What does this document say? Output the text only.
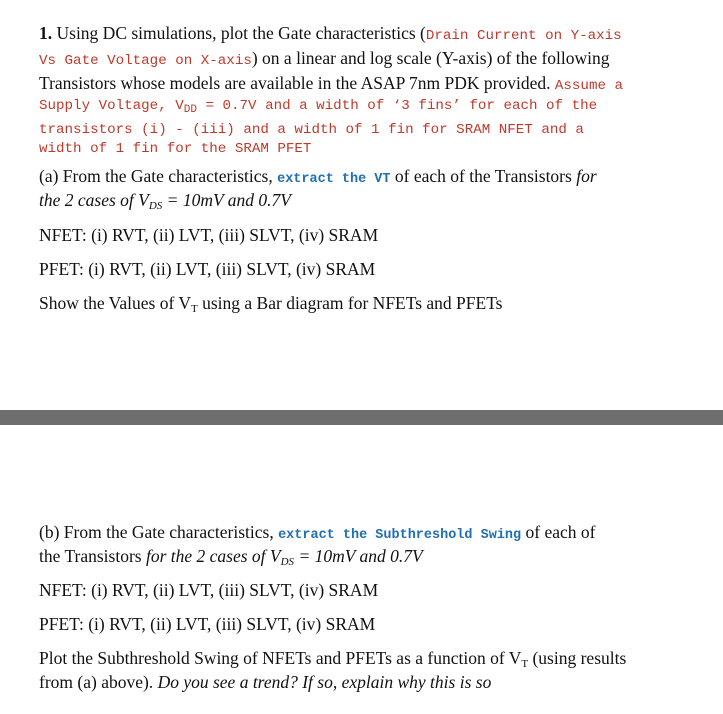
1. Using DC simulations, plot the Gate characteristics (Drain Current on Y-axis
Vs Gate Voltage on X-axis) on a linear and log scale (Y-axis) of the following
Transistors whose models are available in the ASAP 7nm PDK provided. Assume a
Supply Voltage, $V_{DD} = 0.7V$ and a width of ‘3 fins’ for each of the
transistors (i) - (iii) and a width of 1 fin for SRAM NFET and a
width of 1 fin for the SRAM PFET
(a) From the Gate characteristics, extract the VT of each of the Transistors for
the 2 cases of $V_{DS} = 10mV$ and 0.7V
NFET: (i) RVT, (ii) LVT, (iii) SLVT, (iv) SRAM
PFET: (i) RVT, (ii) LVT, (iii) SLVT, (iv) SRAM
Show the Values of $V_T$ using a Bar diagram for NFETs and PFETs
(b) From the Gate characteristics, extract the Subthreshold Swing of each of
the Transistors for the 2 cases of $V_{DS} = 10mV$ and 0.7V
NFET: (i) RVT, (ii) LVT, (iii) SLVT, (iv) SRAM
PFET: (i) RVT, (ii) LVT, (iii) SLVT, (iv) SRAM
Plot the Subthreshold Swing of NFETs and PFETs as a function of $V_T$ (using results
from (a) above). Do you see a trend? If so, explain why this is so
